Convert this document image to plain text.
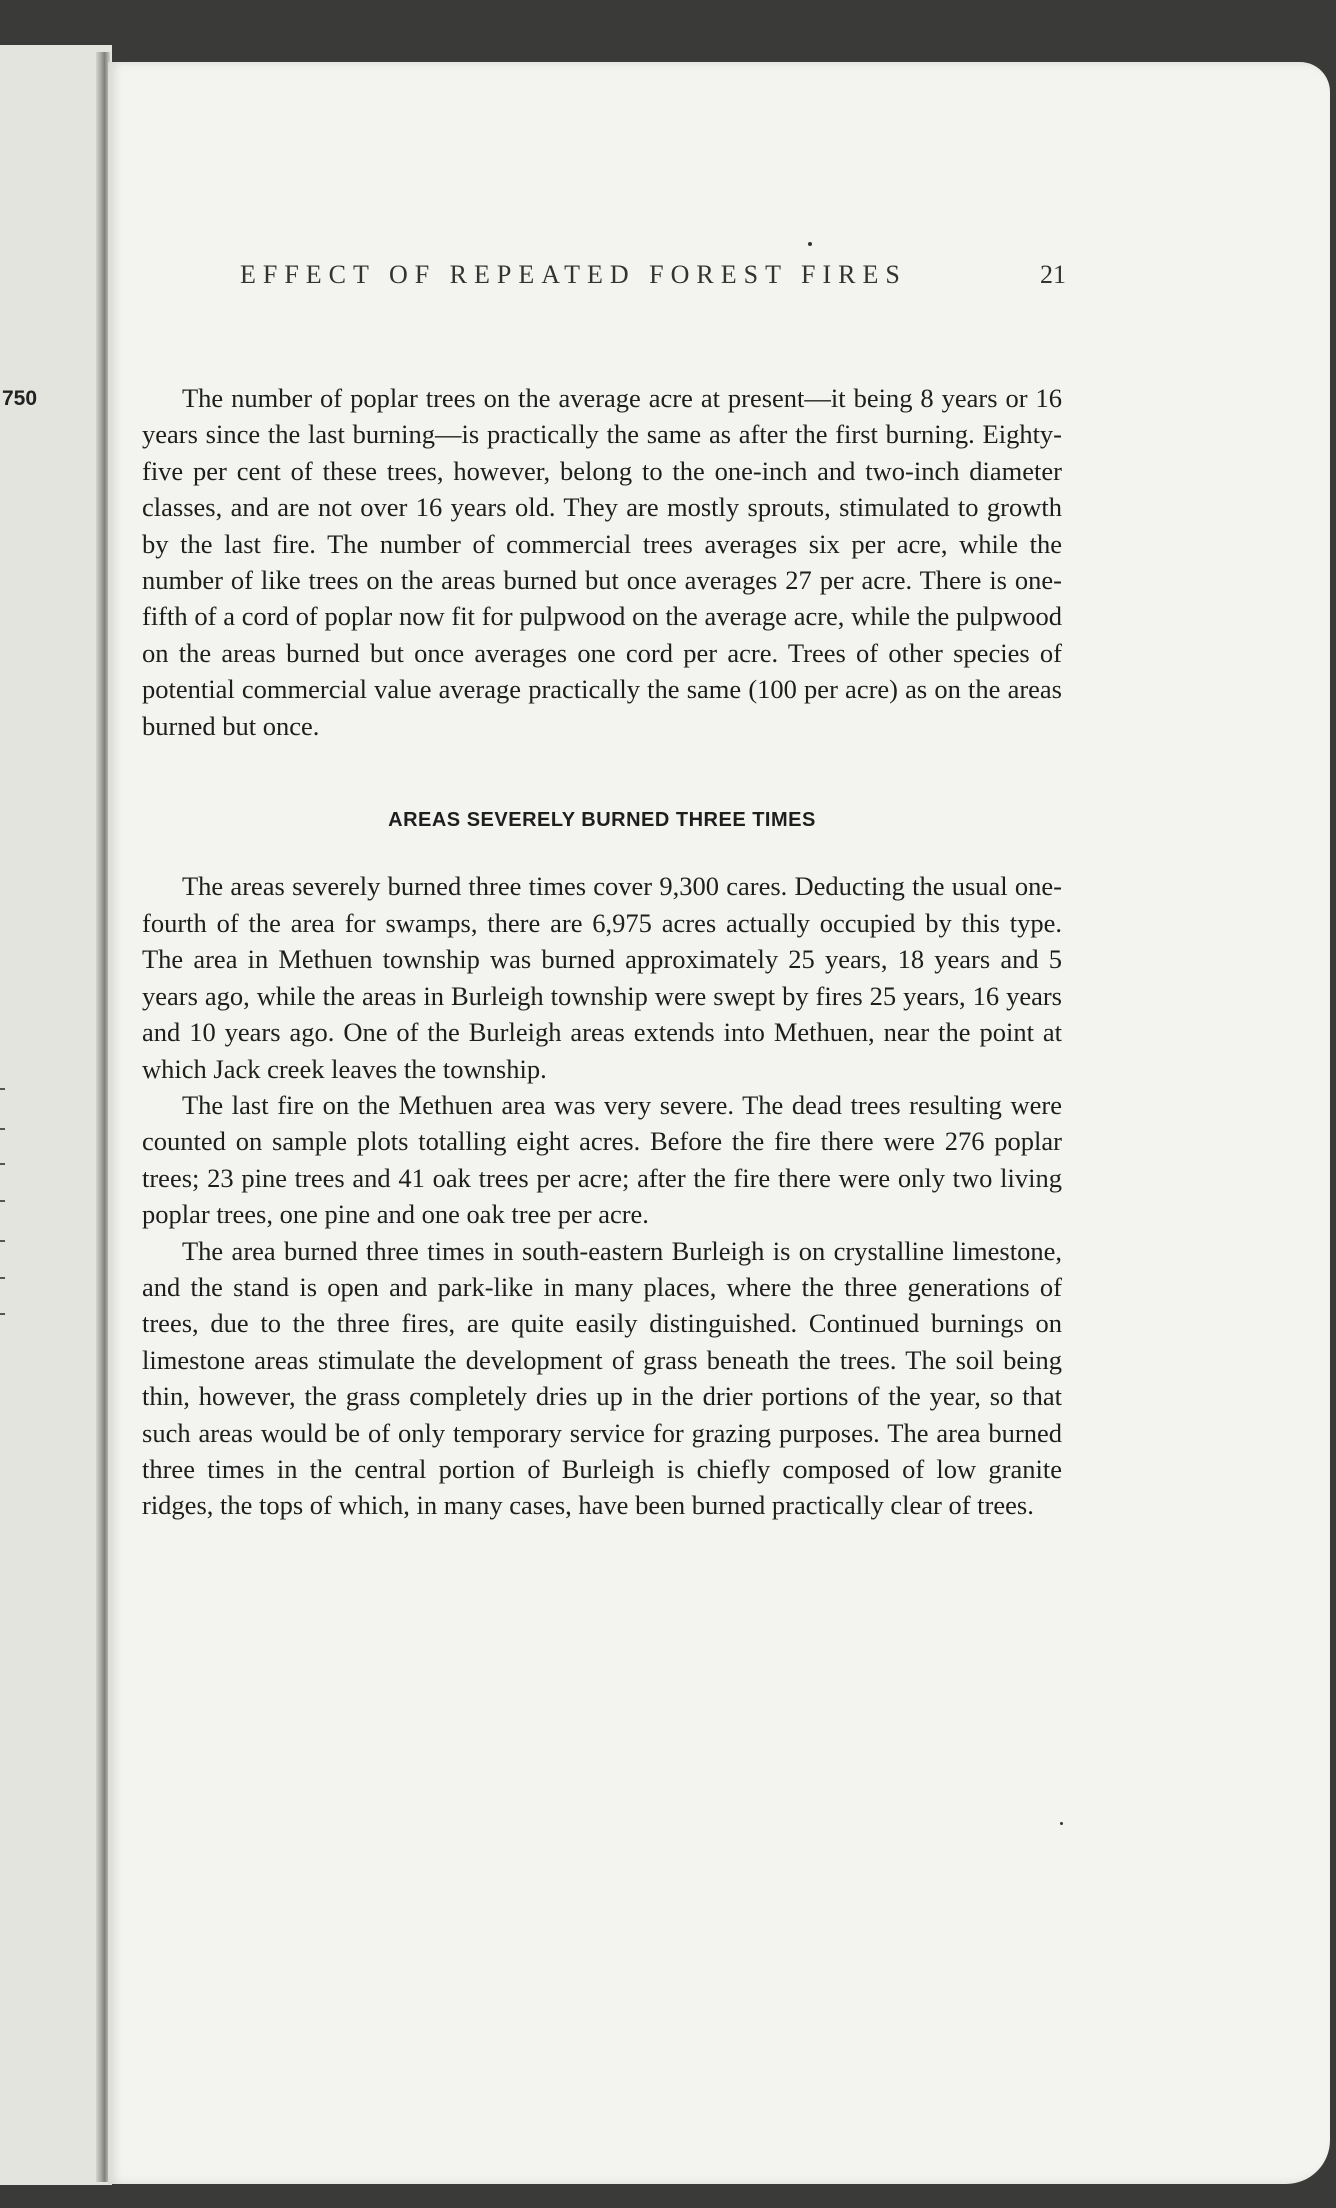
750
EFFECT OF REPEATED FOREST FIRES	21

The number of poplar trees on the average acre at present—it being 8 years or 16 years since the last burning—is practically the same as after the first burning. Eighty-five per cent of these trees, however, belong to the one-inch and two-inch diameter classes, and are not over 16 years old. They are mostly sprouts, stimulated to growth by the last fire. The number of commercial trees averages six per acre, while the number of like trees on the areas burned but once averages 27 per acre. There is one-fifth of a cord of poplar now fit for pulpwood on the average acre, while the pulpwood on the areas burned but once averages one cord per acre. Trees of other species of potential commercial value average practically the same (100 per acre) as on the areas burned but once.

AREAS SEVERELY BURNED THREE TIMES

The areas severely burned three times cover 9,300 cares. Deducting the usual one-fourth of the area for swamps, there are 6,975 acres actually occupied by this type. The area in Methuen township was burned approximately 25 years, 18 years and 5 years ago, while the areas in Burleigh township were swept by fires 25 years, 16 years and 10 years ago. One of the Burleigh areas extends into Methuen, near the point at which Jack creek leaves the township.

The last fire on the Methuen area was very severe. The dead trees resulting were counted on sample plots totalling eight acres. Before the fire there were 276 poplar trees; 23 pine trees and 41 oak trees per acre; after the fire there were only two living poplar trees, one pine and one oak tree per acre.

The area burned three times in south-eastern Burleigh is on crystalline limestone, and the stand is open and park-like in many places, where the three generations of trees, due to the three fires, are quite easily distinguished. Continued burnings on limestone areas stimulate the development of grass beneath the trees. The soil being thin, however, the grass completely dries up in the drier portions of the year, so that such areas would be of only temporary service for grazing purposes. The area burned three times in the central portion of Burleigh is chiefly composed of low granite ridges, the tops of which, in many cases, have been burned practically clear of trees.
